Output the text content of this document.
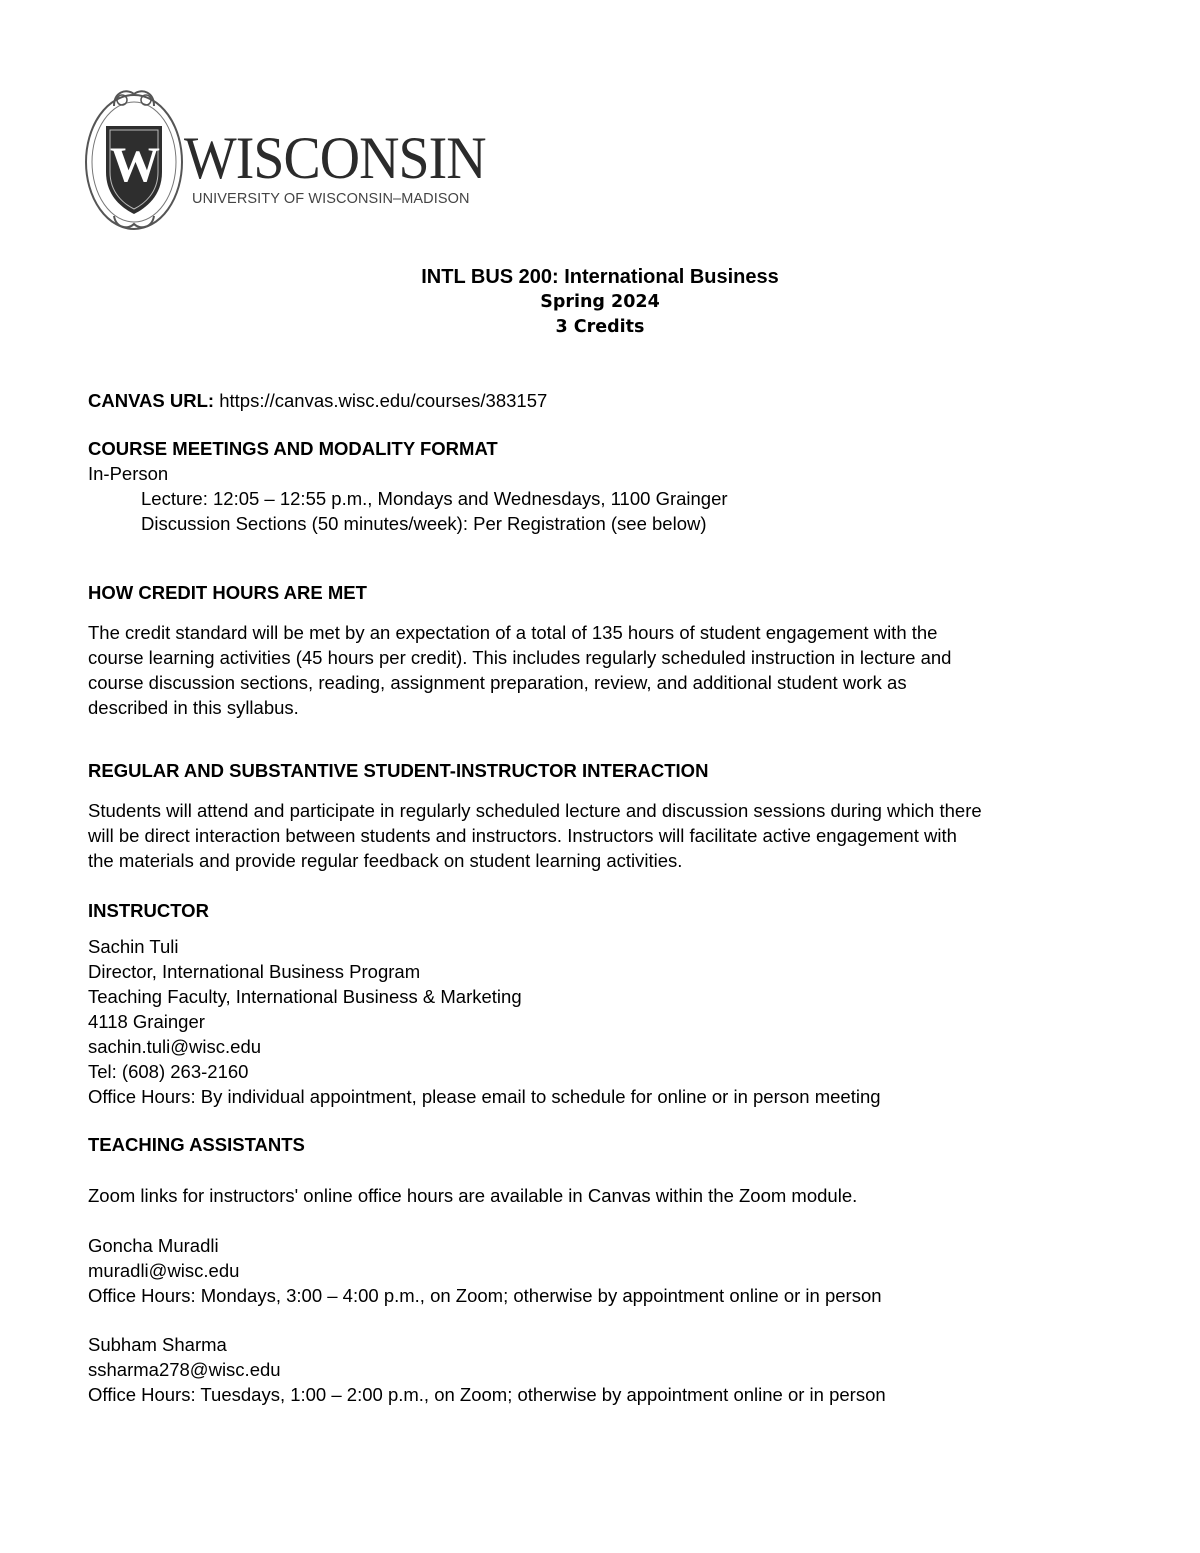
W WISCONSIN

UNIVERSITY OF WISCONSIN–MADISON

INTL BUS 200: International Business

Spring 2024

3 Credits

CANVAS URL: https://canvas.wisc.edu/courses/383157

COURSE MEETINGS AND MODALITY FORMAT

In-Person

Lecture: 12:05 – 12:55 p.m., Mondays and Wednesdays, 1100 Grainger

Discussion Sections (50 minutes/week): Per Registration (see below)

HOW CREDIT HOURS ARE MET

The credit standard will be met by an expectation of a total of 135 hours of student engagement with the
course learning activities (45 hours per credit). This includes regularly scheduled instruction in lecture and
course discussion sections, reading, assignment preparation, review, and additional student work as
described in this syllabus.

REGULAR AND SUBSTANTIVE STUDENT-INSTRUCTOR INTERACTION

Students will attend and participate in regularly scheduled lecture and discussion sessions during which there
will be direct interaction between students and instructors. Instructors will facilitate active engagement with
the materials and provide regular feedback on student learning activities.

INSTRUCTOR

Sachin Tuli

Director, International Business Program

Teaching Faculty, International Business & Marketing

4118 Grainger

sachin.tuli@wisc.edu

Tel: (608) 263-2160

Office Hours: By individual appointment, please email to schedule for online or in person meeting

TEACHING ASSISTANTS

Zoom links for instructors' online office hours are available in Canvas within the Zoom module.

Goncha Muradli

muradli@wisc.edu

Office Hours: Mondays, 3:00 – 4:00 p.m., on Zoom; otherwise by appointment online or in person

Subham Sharma

ssharma278@wisc.edu

Office Hours: Tuesdays, 1:00 – 2:00 p.m., on Zoom; otherwise by appointment online or in person
